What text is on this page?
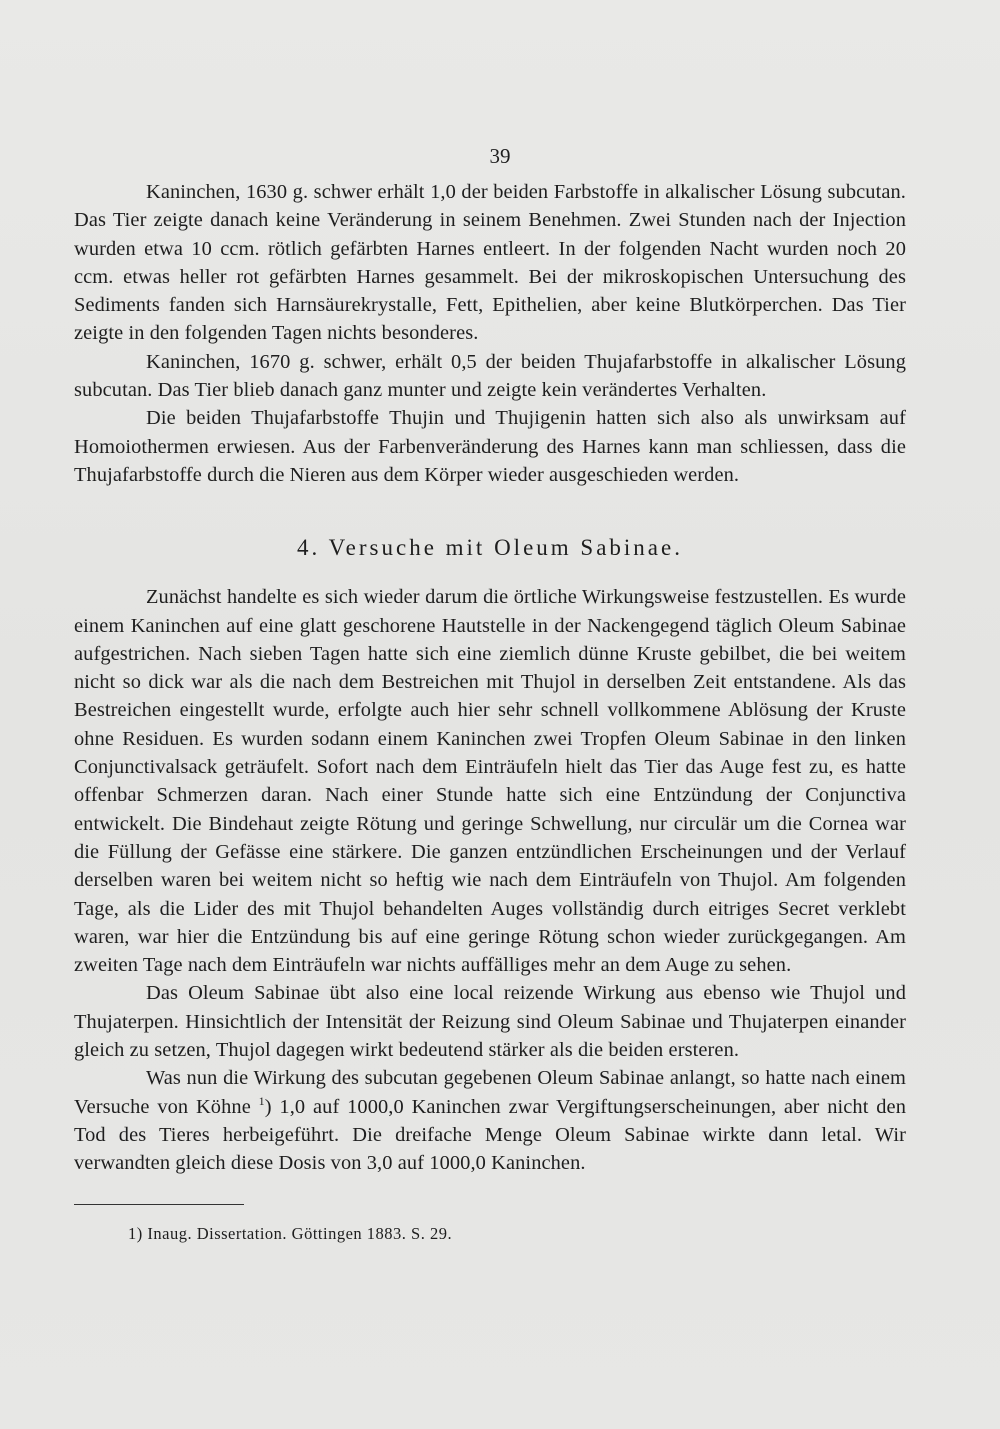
39

Kaninchen, 1630 g. schwer erhält 1,0 der beiden Farbstoffe in alkalischer Lösung subcutan. Das Tier zeigte danach keine Veränderung in seinem Benehmen. Zwei Stunden nach der Injection wurden etwa 10 ccm. rötlich gefärbten Harnes entleert. In der folgenden Nacht wurden noch 20 ccm. etwas heller rot gefärbten Harnes gesammelt. Bei der mikroskopischen Untersuchung des Sediments fanden sich Harnsäurekrystalle, Fett, Epithelien, aber keine Blutkörperchen. Das Tier zeigte in den folgenden Tagen nichts besonderes.

Kaninchen, 1670 g. schwer, erhält 0,5 der beiden Thujafarbstoffe in alkalischer Lösung subcutan. Das Tier blieb danach ganz munter und zeigte kein verändertes Verhalten.

Die beiden Thujafarbstoffe Thujin und Thujigenin hatten sich also als unwirksam auf Homoiothermen erwiesen. Aus der Farbenveränderung des Harnes kann man schliessen, dass die Thujafarbstoffe durch die Nieren aus dem Körper wieder ausgeschieden werden.

4. Versuche mit Oleum Sabinae.

Zunächst handelte es sich wieder darum die örtliche Wirkungsweise festzustellen. Es wurde einem Kaninchen auf eine glatt geschorene Hautstelle in der Nackengegend täglich Oleum Sabinae aufgestrichen. Nach sieben Tagen hatte sich eine ziemlich dünne Kruste gebilbet, die bei weitem nicht so dick war als die nach dem Bestreichen mit Thujol in derselben Zeit entstandene. Als das Bestreichen eingestellt wurde, erfolgte auch hier sehr schnell vollkommene Ablösung der Kruste ohne Residuen. Es wurden sodann einem Kaninchen zwei Tropfen Oleum Sabinae in den linken Conjunctivalsack geträufelt. Sofort nach dem Einträufeln hielt das Tier das Auge fest zu, es hatte offenbar Schmerzen daran. Nach einer Stunde hatte sich eine Entzündung der Conjunctiva entwickelt. Die Bindehaut zeigte Rötung und geringe Schwellung, nur circulär um die Cornea war die Füllung der Gefässe eine stärkere. Die ganzen entzündlichen Erscheinungen und der Verlauf derselben waren bei weitem nicht so heftig wie nach dem Einträufeln von Thujol. Am folgenden Tage, als die Lider des mit Thujol behandelten Auges vollständig durch eitriges Secret verklebt waren, war hier die Entzündung bis auf eine geringe Rötung schon wieder zurückgegangen. Am zweiten Tage nach dem Einträufeln war nichts auffälliges mehr an dem Auge zu sehen.

Das Oleum Sabinae übt also eine local reizende Wirkung aus ebenso wie Thujol und Thujaterpen. Hinsichtlich der Intensität der Reizung sind Oleum Sabinae und Thujaterpen einander gleich zu setzen, Thujol dagegen wirkt bedeutend stärker als die beiden ersteren.

Was nun die Wirkung des subcutan gegebenen Oleum Sabinae anlangt, so hatte nach einem Versuche von Köhne $^1$) 1,0 auf 1000,0 Kaninchen zwar Vergiftungserscheinungen, aber nicht den Tod des Tieres herbeigeführt. Die dreifache Menge Oleum Sabinae wirkte dann letal. Wir verwandten gleich diese Dosis von 3,0 auf 1000,0 Kaninchen.

1) Inaug. Dissertation. Göttingen 1883. S. 29.
